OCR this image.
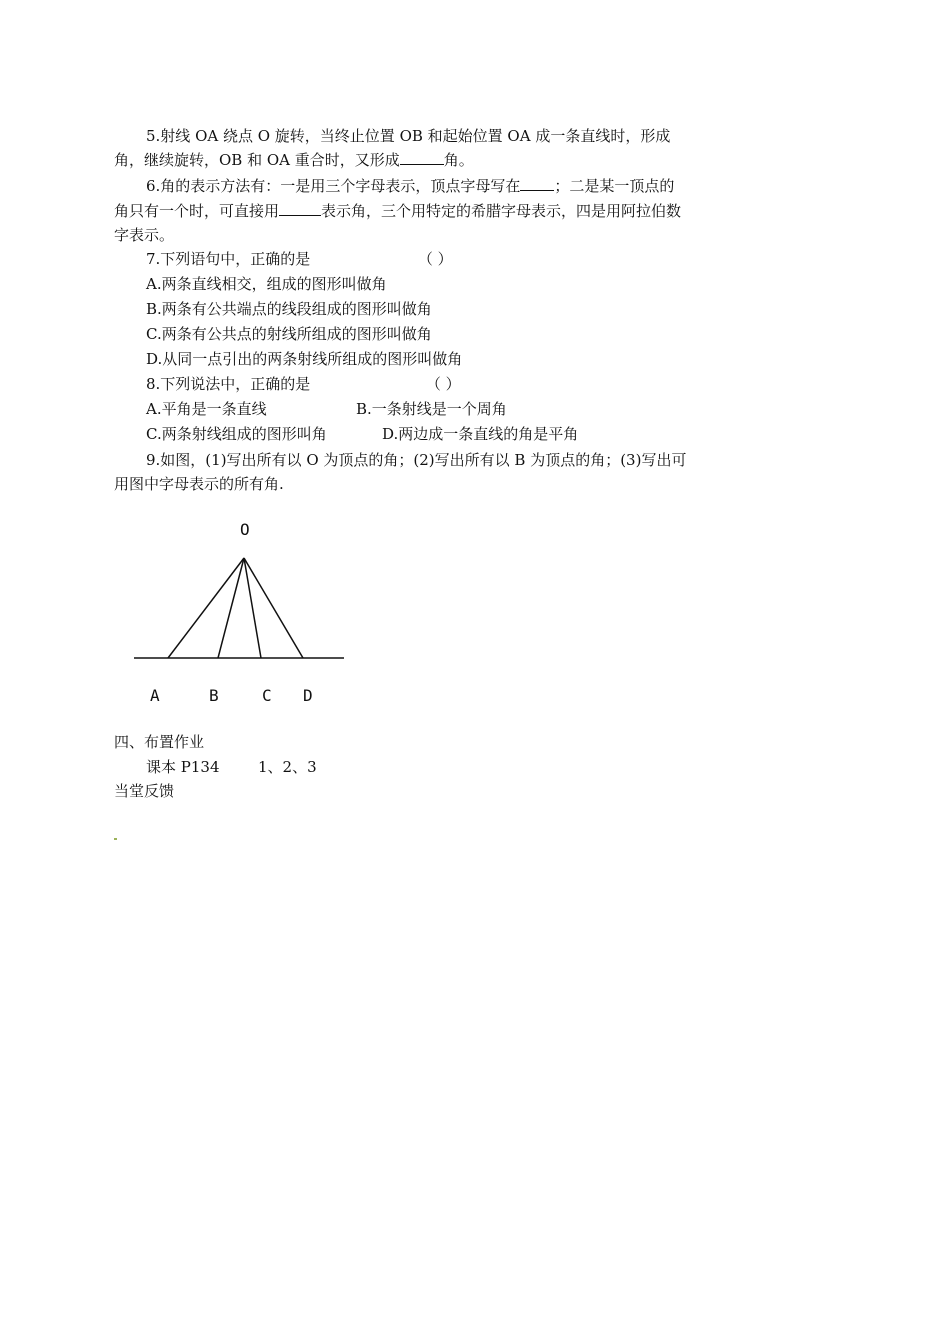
5.射线 OA 绕点 O 旋转，当终止位置 OB 和起始位置 OA 成一条直线时，形成
角，继续旋转，OB 和 OA 重合时，又形成	角。
6.角的表示方法有：一是用三个字母表示，顶点字母写在 ；二是某一顶点的
角只有一个时，可直接用	表示角，三个用特定的希腊字母表示，四是用阿拉伯数
字表示。
7.下列语句中，正确的是	（ ）
A.两条直线相交，组成的图形叫做角
B.两条有公共端点的线段组成的图形叫做角
C.两条有公共点的射线所组成的图形叫做角
D.从同一点引出的两条射线所组成的图形叫做角
8.下列说法中，正确的是	（ ）
A.平角是一条直线	B.一条射线是一个周角
C.两条射线组成的图形叫角	D.两边成一条直线的角是平角
9.如图，(1)写出所有以 O 为顶点的角；(2)写出所有以 B 为顶点的角；(3)写出可
用图中字母表示的所有角.
O
A	B	C D
四、布置作业
课本 P134	1、2、3
当堂反馈
